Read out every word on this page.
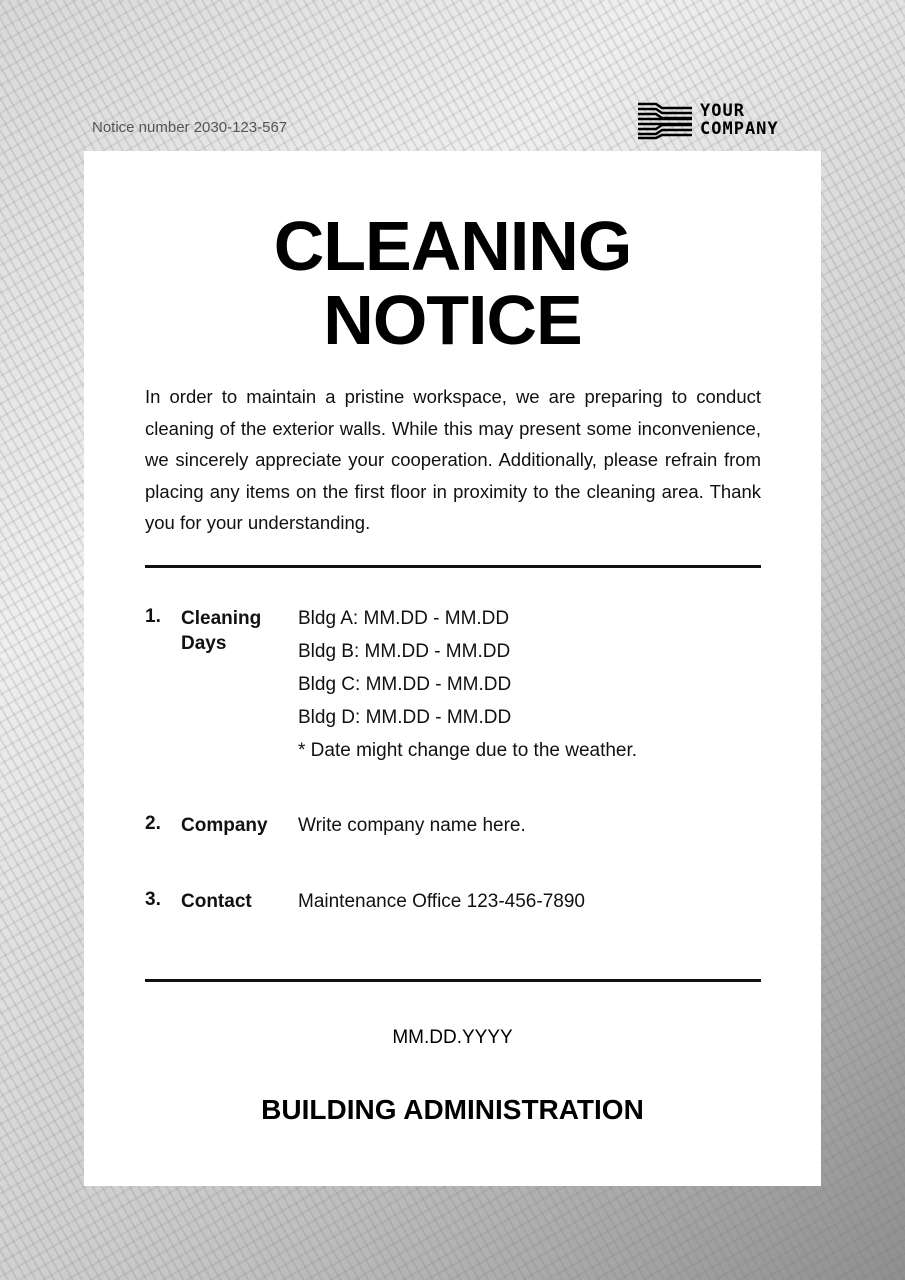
Notice number 2030-123-567
YOUR
COMPANY
CLEANING
NOTICE

In order to maintain a pristine workspace, we are preparing to conduct cleaning of the exterior walls. While this may present some inconvenience, we sincerely appreciate your cooperation. Additionally, please refrain from placing any items on the first floor in proximity to the cleaning area. Thank you for your understanding.

1. Cleaning Days
Bldg A: MM.DD - MM.DD
Bldg B: MM.DD - MM.DD
Bldg C: MM.DD - MM.DD
Bldg D: MM.DD - MM.DD
* Date might change due to the weather.
2. Company	Write company name here.
3. Contact	Maintenance Office 123-456-7890
MM.DD.YYYY
BUILDING ADMINISTRATION
